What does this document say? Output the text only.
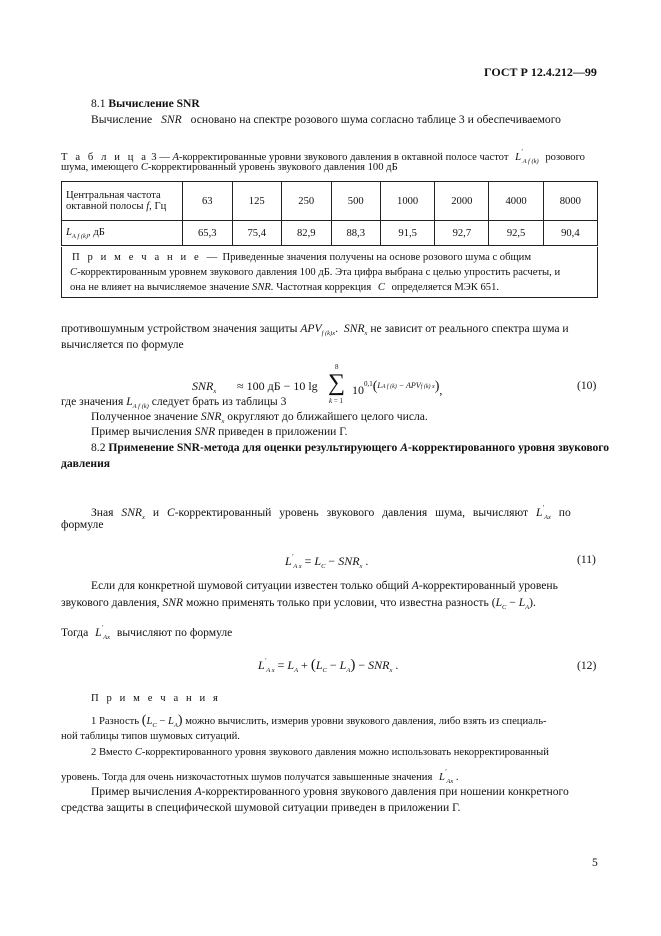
ГОСТ Р 12.4.212—99
8.1 Вычисление SNR
Вычисление SNR основано на спектре розового шума согласно таблице 3 и обеспечиваемого
Т а б л и ц а 3 — A-корректированные уровни звукового давления в октавной полосе частот $L'_{A f (k)}$ розового
шума, имеющего C-корректированный уровень звукового давления 100 дБ
Центральная частота
октавной полосы f, Гц	63	125	250	500	1000	2000	4000	8000
$L_{A f (k)}$, дБ	65,3	75,4	82,9	88,3	91,5	92,7	92,5	90,4
П р и м е ч а н и е — Приведенные значения получены на основе розового шума с общим
C-корректированным уровнем звукового давления 100 дБ. Эта цифра выбрана с целью упростить расчеты, и
она не влияет на вычисляемое значение SNR. Частотная коррекция C определяется МЭК 651.
противошумным устройством значения защиты $APV_{f (k)x}$. $SNR_x$ не зависит от реального спектра шума и
вычисляется по формуле
$SNR_x \approx 100$ дБ − 10 lg
8
∑
k = 1
10$^{0,1}$($^{LA f (k) - APVf (k) x}$),	(10)
где значения $L_{A f (k)}$ следует брать из таблицы 3
Полученное значение $SNR_x$ округляют до ближайшего целого числа.
Пример вычисления SNR приведен в приложении Г.
8.2 Применение SNR-метода для оценки результирующего A-корректированного уровня звукового
давления
Зная $SNR_x$ и C-корректированный уровень звукового давления шума, вычисляют $L'_{Ax}$ по
формуле
$L'_{A x} = L_C - SNR_x$ .	(11)
Если для конкретной шумовой ситуации известен только общий A-корректированный уровень
звукового давления, SNR можно применять только при условии, что известна разность $(L_C - L_A)$.
Тогда $L'_{Ax}$ вычисляют по формуле
$L'_{A x} = L_A + (L_C - L_A) - SNR_x$ .	(12)
П р и м е ч а н и я
1 Разность $(L_C - L_A)$ можно вычислить, измерив уровни звукового давления, либо взять из специаль-
ной таблицы типов шумовых ситуаций.
2 Вместо C-корректированного уровня звукового давления можно использовать некорректированный
уровень. Тогда для очень низкочастотных шумов получатся завышенные значения $L'_{Ax}$ .
Пример вычисления A-корректированного уровня звукового давления при ношении конкретного
средства защиты в специфической шумовой ситуации приведен в приложении Г.
5
